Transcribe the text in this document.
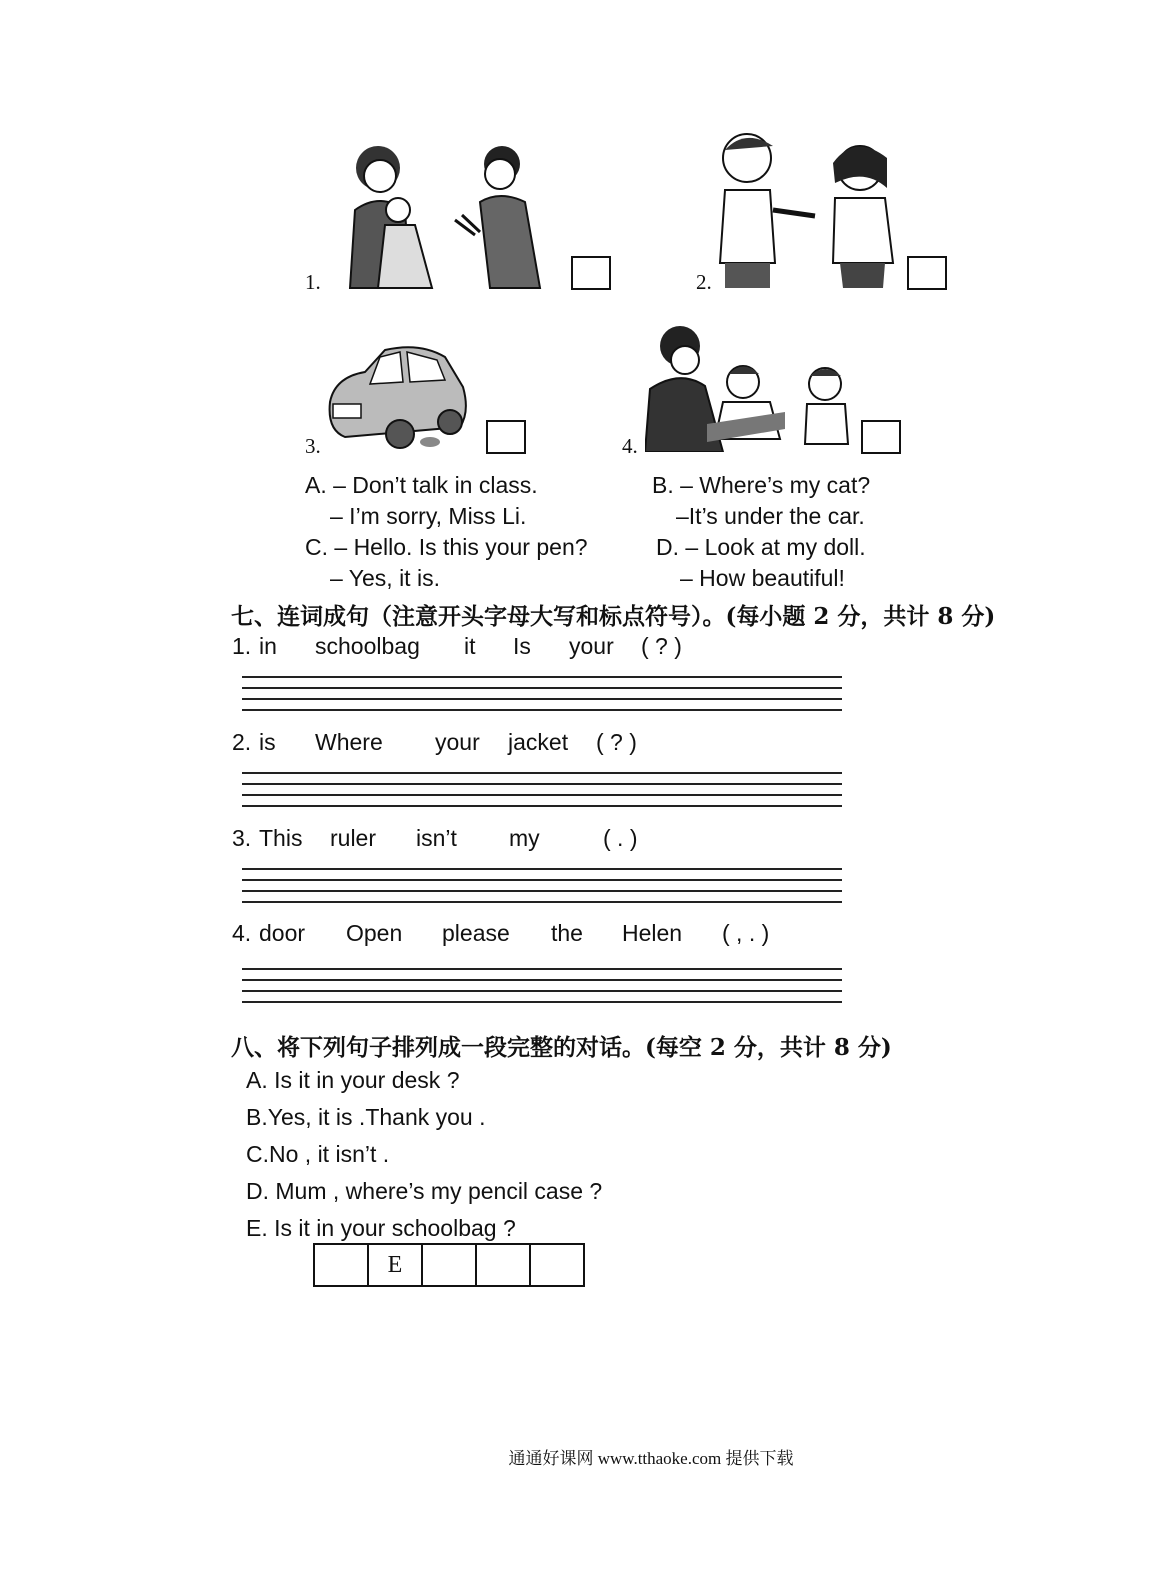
1.	2.
3.	4.
A. – Don’t talk in class.
– I’m sorry, Miss Li.
B. – Where’s my cat?
–It’s under the car.
C. – Hello. Is this your pen?
– Yes, it is.
D. – Look at my doll.
– How beautiful!
七、连词成句（注意开头字母大写和标点符号）。(每小题 2 分，共计 8 分)

1.

in

schoolbag

it

Is

your

( ? )

2.

is

Where

your

jacket

( ? )

3.

This

ruler

isn’t

my

	( . )

4.

door

Open

please

the

Helen

( , . )

八、将下列句子排列成一段完整的对话。(每空 2 分，共计 8 分)
A. Is it in your desk ?
B.Yes, it is .Thank you .
C.No , it isn’t .
D. Mum , where’s my pencil case ?
E. Is it in your schoolbag ?
E
通通好课网 www.tthaoke.com 提供下载
